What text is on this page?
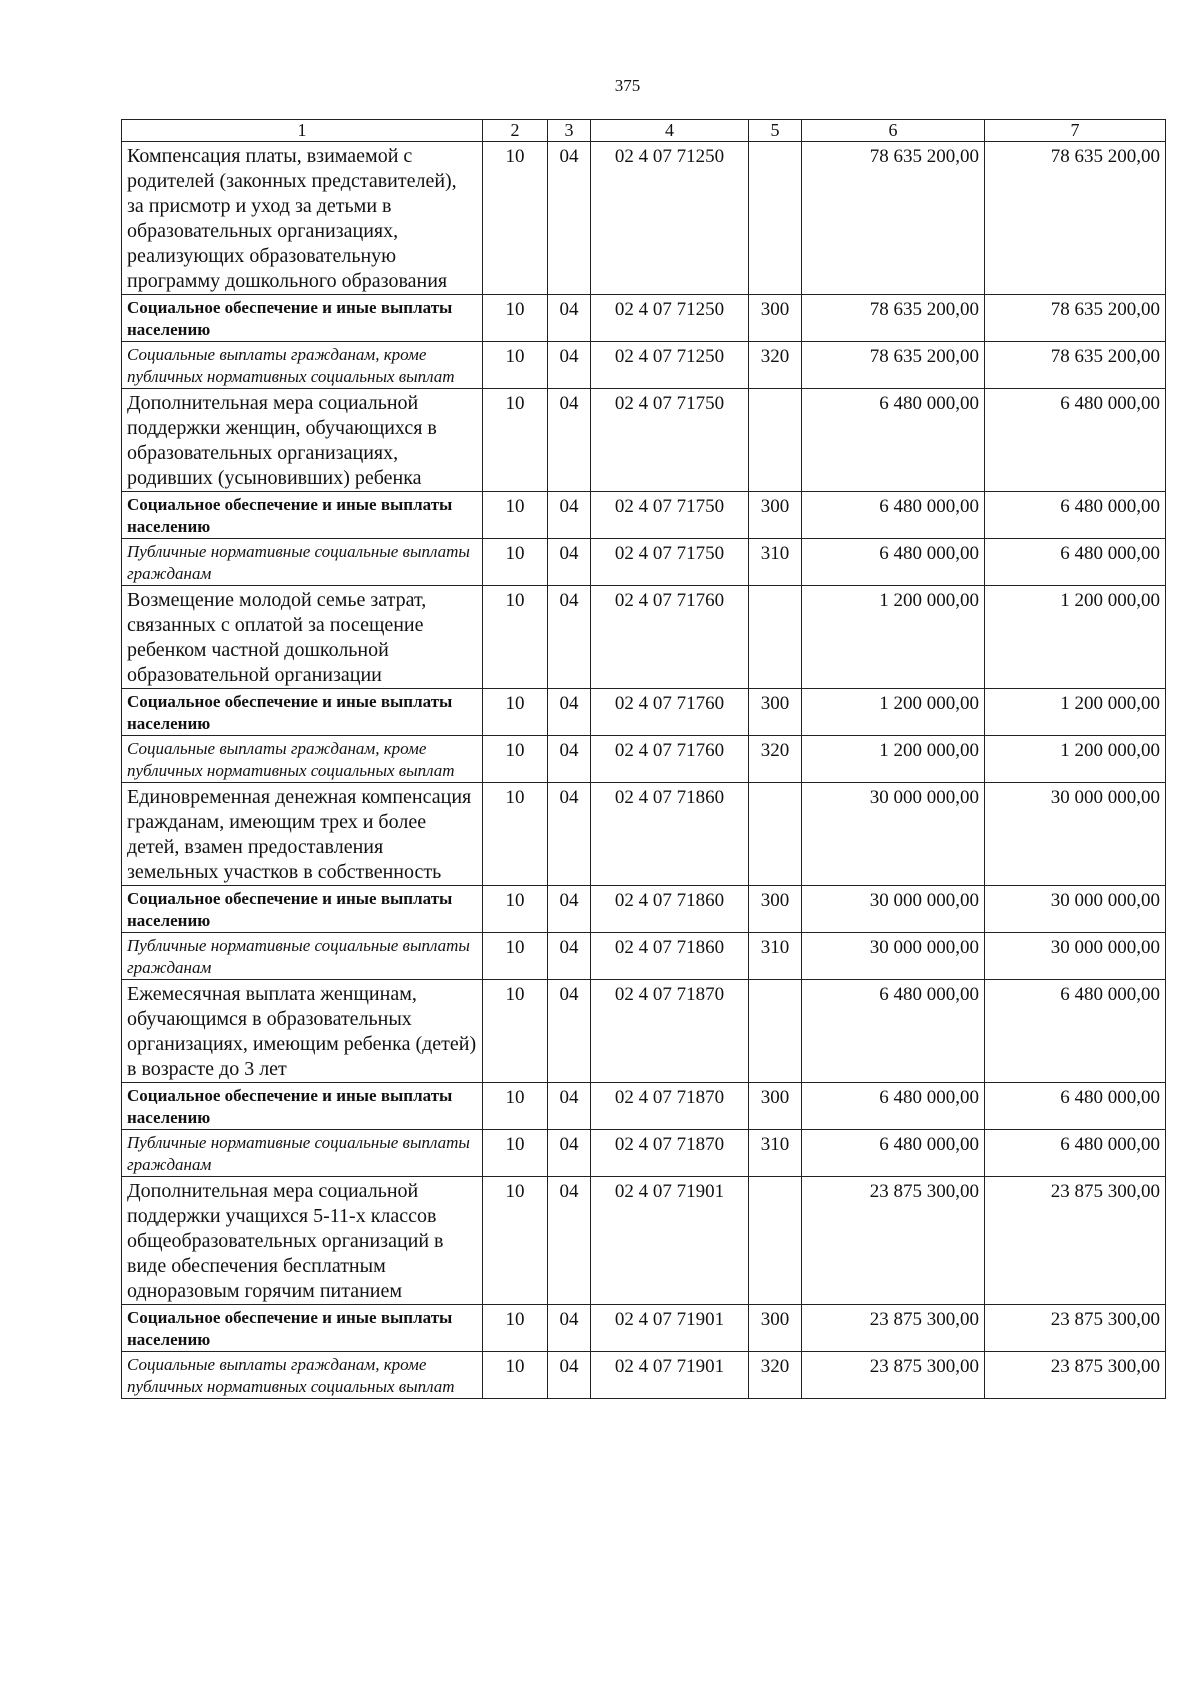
375
1	2	3	4	5	6	7
Компенсация платы, взимаемой с родителей (законных представителей), за присмотр и уход за детьми в образовательных организациях, реализующих образовательную программу дошкольного образования	10	04	02 4 07 71250		78 635 200,00	78 635 200,00
Социальное обеспечение и иные выплаты населению	10	04	02 4 07 71250	300	78 635 200,00	78 635 200,00
Социальные выплаты гражданам, кроме публичных нормативных социальных выплат	10	04	02 4 07 71250	320	78 635 200,00	78 635 200,00
Дополнительная мера социальной поддержки женщин, обучающихся в образовательных организациях, родивших (усыновивших) ребенка	10	04	02 4 07 71750		6 480 000,00	6 480 000,00
Социальное обеспечение и иные выплаты населению	10	04	02 4 07 71750	300	6 480 000,00	6 480 000,00
Публичные нормативные социальные выплаты гражданам	10	04	02 4 07 71750	310	6 480 000,00	6 480 000,00
Возмещение молодой семье затрат, связанных с оплатой за посещение ребенком частной дошкольной образовательной организации	10	04	02 4 07 71760		1 200 000,00	1 200 000,00
Социальное обеспечение и иные выплаты населению	10	04	02 4 07 71760	300	1 200 000,00	1 200 000,00
Социальные выплаты гражданам, кроме публичных нормативных социальных выплат	10	04	02 4 07 71760	320	1 200 000,00	1 200 000,00
Единовременная денежная компенсация гражданам, имеющим трех и более детей, взамен предоставления земельных участков в собственность	10	04	02 4 07 71860		30 000 000,00	30 000 000,00
Социальное обеспечение и иные выплаты населению	10	04	02 4 07 71860	300	30 000 000,00	30 000 000,00
Публичные нормативные социальные выплаты гражданам	10	04	02 4 07 71860	310	30 000 000,00	30 000 000,00
Ежемесячная выплата женщинам, обучающимся в образовательных организациях, имеющим ребенка (детей) в возрасте до 3 лет	10	04	02 4 07 71870		6 480 000,00	6 480 000,00
Социальное обеспечение и иные выплаты населению	10	04	02 4 07 71870	300	6 480 000,00	6 480 000,00
Публичные нормативные социальные выплаты гражданам	10	04	02 4 07 71870	310	6 480 000,00	6 480 000,00
Дополнительная мера социальной поддержки учащихся 5-11-х классов общеобразовательных организаций в виде обеспечения бесплатным одноразовым горячим питанием	10	04	02 4 07 71901		23 875 300,00	23 875 300,00
Социальное обеспечение и иные выплаты населению	10	04	02 4 07 71901	300	23 875 300,00	23 875 300,00
Социальные выплаты гражданам, кроме публичных нормативных социальных выплат	10	04	02 4 07 71901	320	23 875 300,00	23 875 300,00
